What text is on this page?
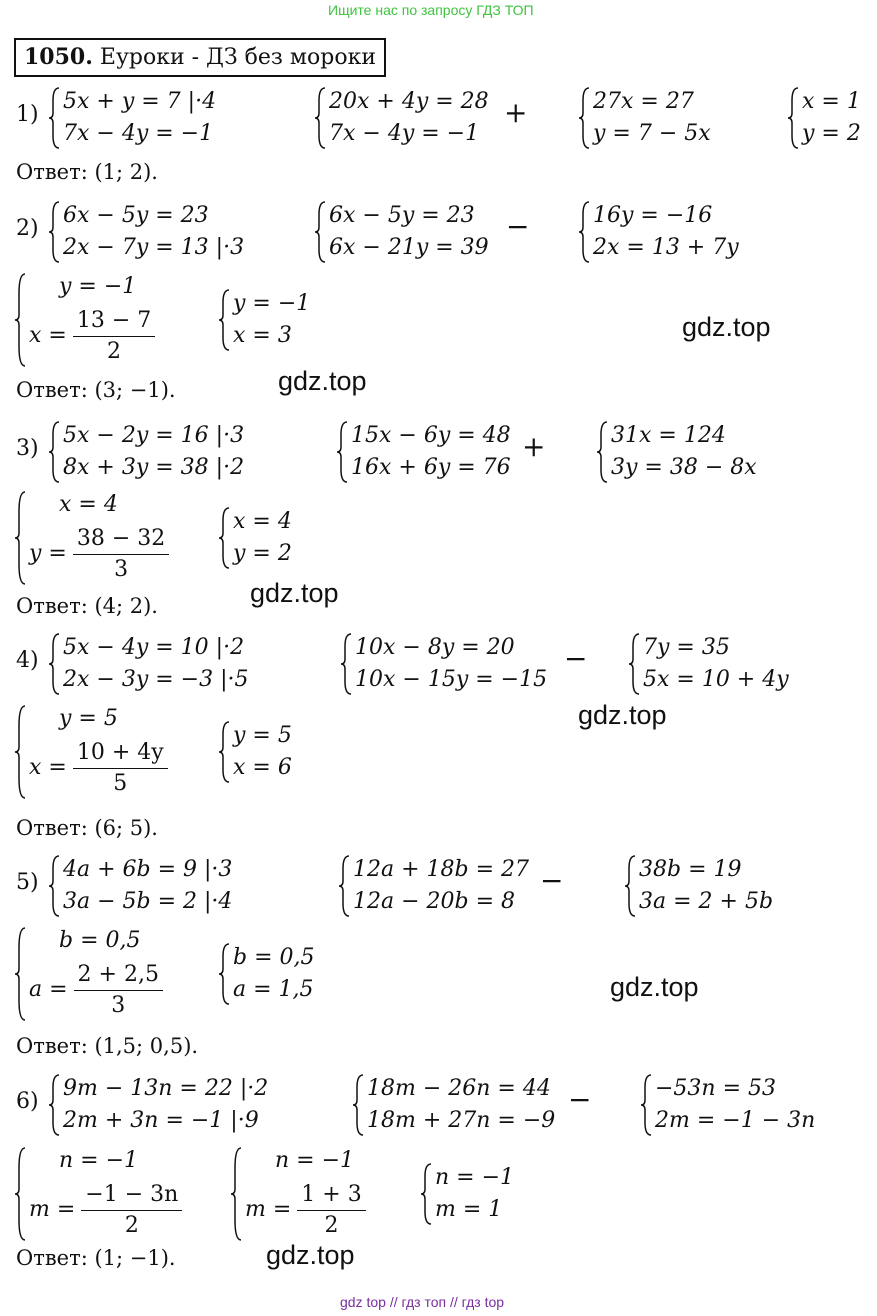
Ищите нас по запросу ГДЗ ТОП
gdz top // гдз топ // гдз top
1050. Еуроки - ДЗ без мороки
gdz.top
gdz.top
gdz.top
gdz.top
gdz.top
gdz.top
1)
5x + y = 7 |·4
7x − 4y = −1
20x + 4y = 28
7x − 4y = −1
+	27x = 27
y = 7 − 5x
x = 1
y = 2
Ответ: (1; 2).
2)
6x − 5y = 23
2x − 7y = 13 |·3
6x − 5y = 23
6x − 21y = 39
−	16y = −16
2x = 13 + 7y
y = −1
$x = \frac{13 - 7}{2}$
y = −1
x = 3
Ответ: (3; −1).
3)
5x − 2y = 16 |·3
8x + 3y = 38 |·2
15x − 6y = 48
16x + 6y = 76
+	31x = 124
3y = 38 − 8x
x = 4
$y = \frac{38 - 32}{3}$
x = 4
y = 2
Ответ: (4; 2).
4)
5x − 4y = 10 |·2
2x − 3y = −3 |·5
10x − 8y = 20
10x − 15y = −15
−	7y = 35
5x = 10 + 4y
y = 5
$x = \frac{10 + 4y}{5}$
y = 5
x = 6
Ответ: (6; 5).
5)
4a + 6b = 9 |·3
3a − 5b = 2 |·4
12a + 18b = 27
12a − 20b = 8
−	38b = 19
3a = 2 + 5b
b = 0,5
$a = \frac{2 + 2,5}{3}$
b = 0,5
a = 1,5
Ответ: (1,5; 0,5).
6)
9m − 13n = 22 |·2
2m + 3n = −1 |·9
18m − 26n = 44
18m + 27n = −9
−	−53n = 53
2m = −1 − 3n
n = −1
$m = \frac{-1 - 3n}{2}$
n = −1
$m = \frac{1 + 3}{2}$
n = −1
m = 1
Ответ: (1; −1).
